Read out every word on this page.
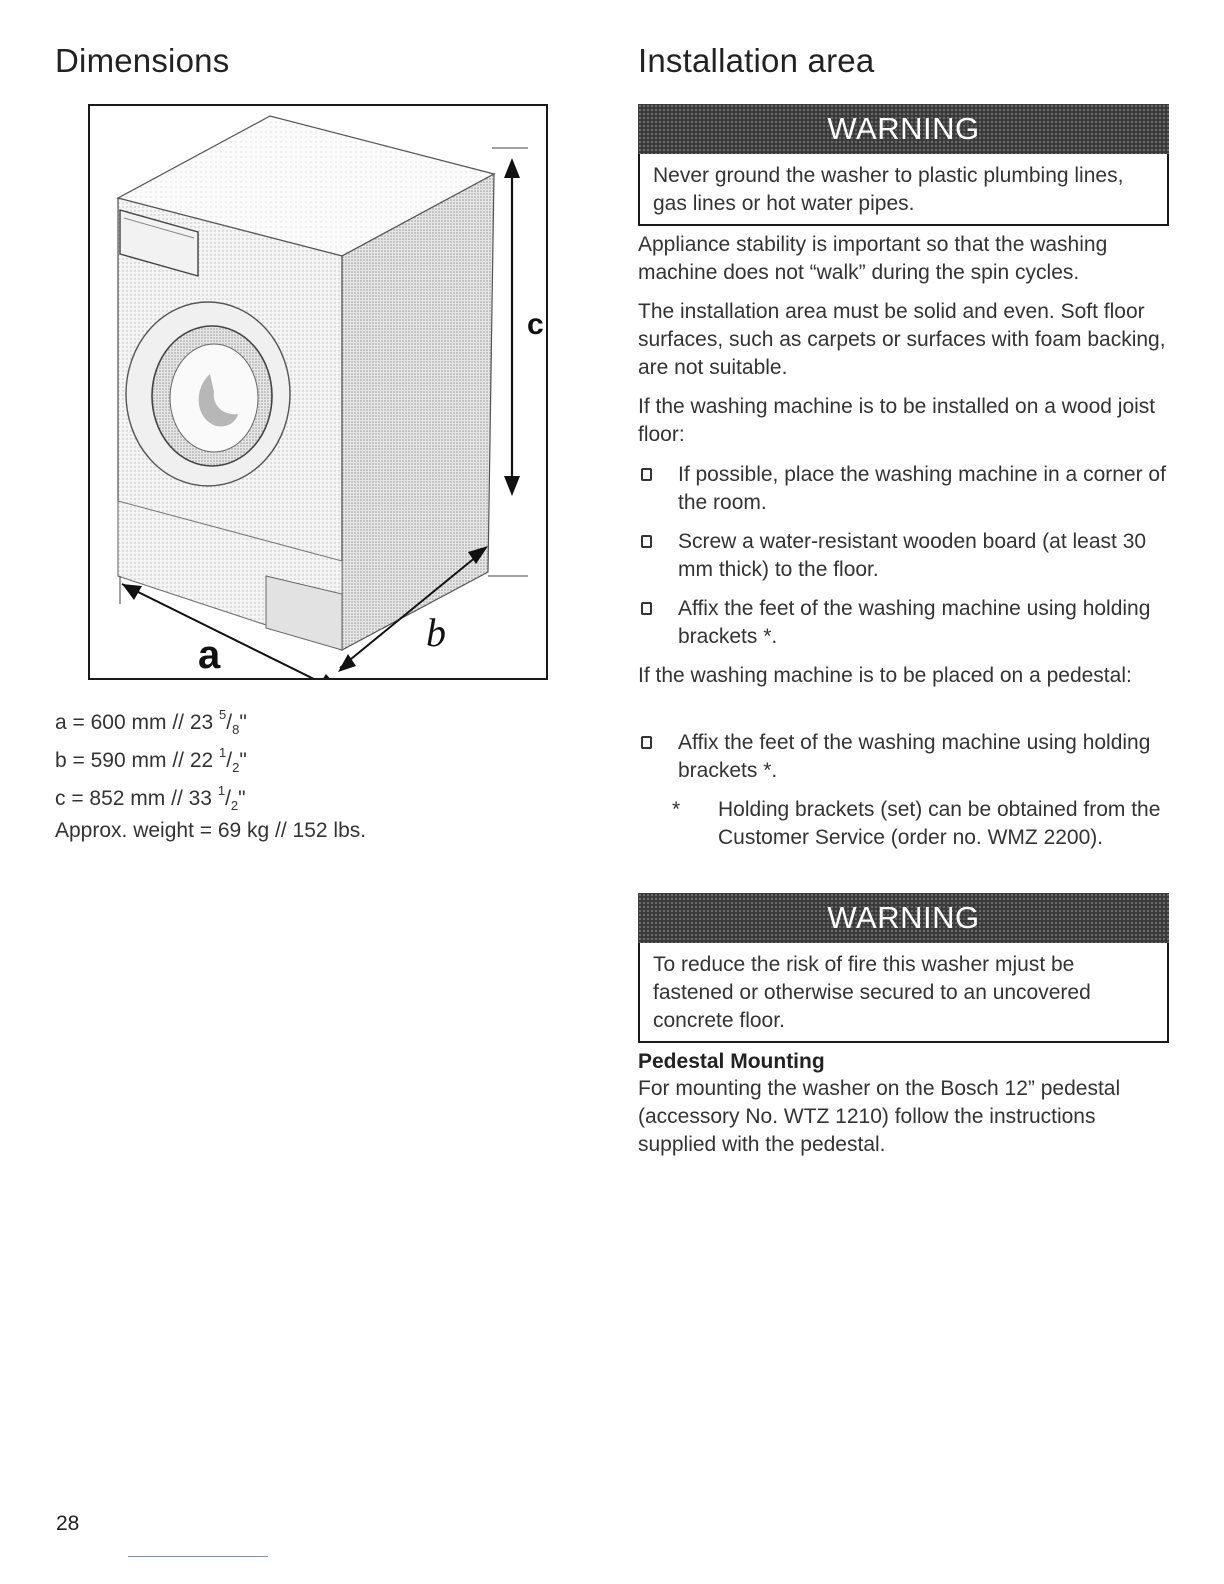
Dimensions	Installation area
c
a	b
a = 600 mm // 23 $^5/_8$"
b = 590 mm // 22 $^1/_2$"
c = 852 mm // 33 $^1/_2$"
Approx. weight = 69 kg // 152 lbs.
WARNING
Never ground the washer to plastic plumbing lines, gas lines or hot water pipes.

Appliance stability is important so that the washing machine does not “walk” during the spin cycles.

The installation area must be solid and even. Soft floor surfaces, such as carpets or surfaces with foam backing, are not suitable.

If the washing machine is to be installed on a wood joist floor:

If possible, place the washing machine in a corner of the room.
Screw a water-resistant wooden board (at least 30 mm thick) to the floor.
Affix the feet of the washing machine using holding brackets *.

If the washing machine is to be placed on a pedestal:

Affix the feet of the washing machine using holding brackets *.
* Holding brackets (set) can be obtained from the Customer Service (order no. WMZ 2200).
WARNING
To reduce the risk of fire this washer mjust be fastened or otherwise secured to an uncovered concrete floor.
Pedestal Mounting

For mounting the washer on the Bosch 12” pedestal (accessory No. WTZ 1210) follow the instructions supplied with the pedestal.

28
